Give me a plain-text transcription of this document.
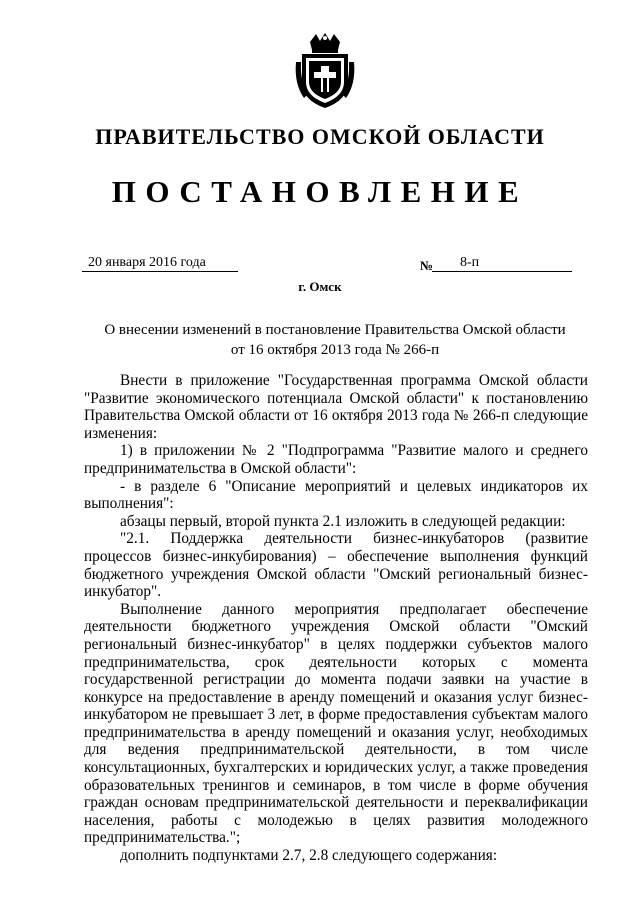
ПРАВИТЕЛЬСТВО ОМСКОЙ ОБЛАСТИ
ПОСТАНОВЛЕНИЕ
20 января 2016 года	№	8-п
г. Омск
О внесении изменений в постановление Правительства Омской области
от 16 октября 2013 года № 266-п

Внести в приложение "Государственная программа Омской области "Развитие экономического потенциала Омской области" к постановлению Правительства Омской области от 16 октября 2013 года № 266-п следующие изменения:

1) в приложении № 2 "Подпрограмма "Развитие малого и среднего предпринимательства в Омской области":

- в разделе 6 "Описание мероприятий и целевых индикаторов их выполнения":

абзацы первый, второй пункта 2.1 изложить в следующей редакции:

"2.1. Поддержка деятельности бизнес-инкубаторов (развитие процессов бизнес-инкубирования) – обеспечение выполнения функций бюджетного учреждения Омской области "Омский региональный бизнес-инкубатор".

Выполнение данного мероприятия предполагает обеспечение деятельности бюджетного учреждения Омской области "Омский региональный бизнес-инкубатор" в целях поддержки субъектов малого предпринимательства, срок деятельности которых с момента государственной регистрации до момента подачи заявки на участие в конкурсе на предоставление в аренду помещений и оказания услуг бизнес-инкубатором не превышает 3 лет, в форме предоставления субъектам малого предпринимательства в аренду помещений и оказания услуг, необходимых для ведения предпринимательской деятельности, в том числе консультационных, бухгалтерских и юридических услуг, а также проведения образовательных тренингов и семинаров, в том числе в форме обучения граждан основам предпринимательской деятельности и переквалификации населения, работы с молодежью в целях развития молодежного предпринимательства.";

дополнить подпунктами 2.7, 2.8 следующего содержания:
